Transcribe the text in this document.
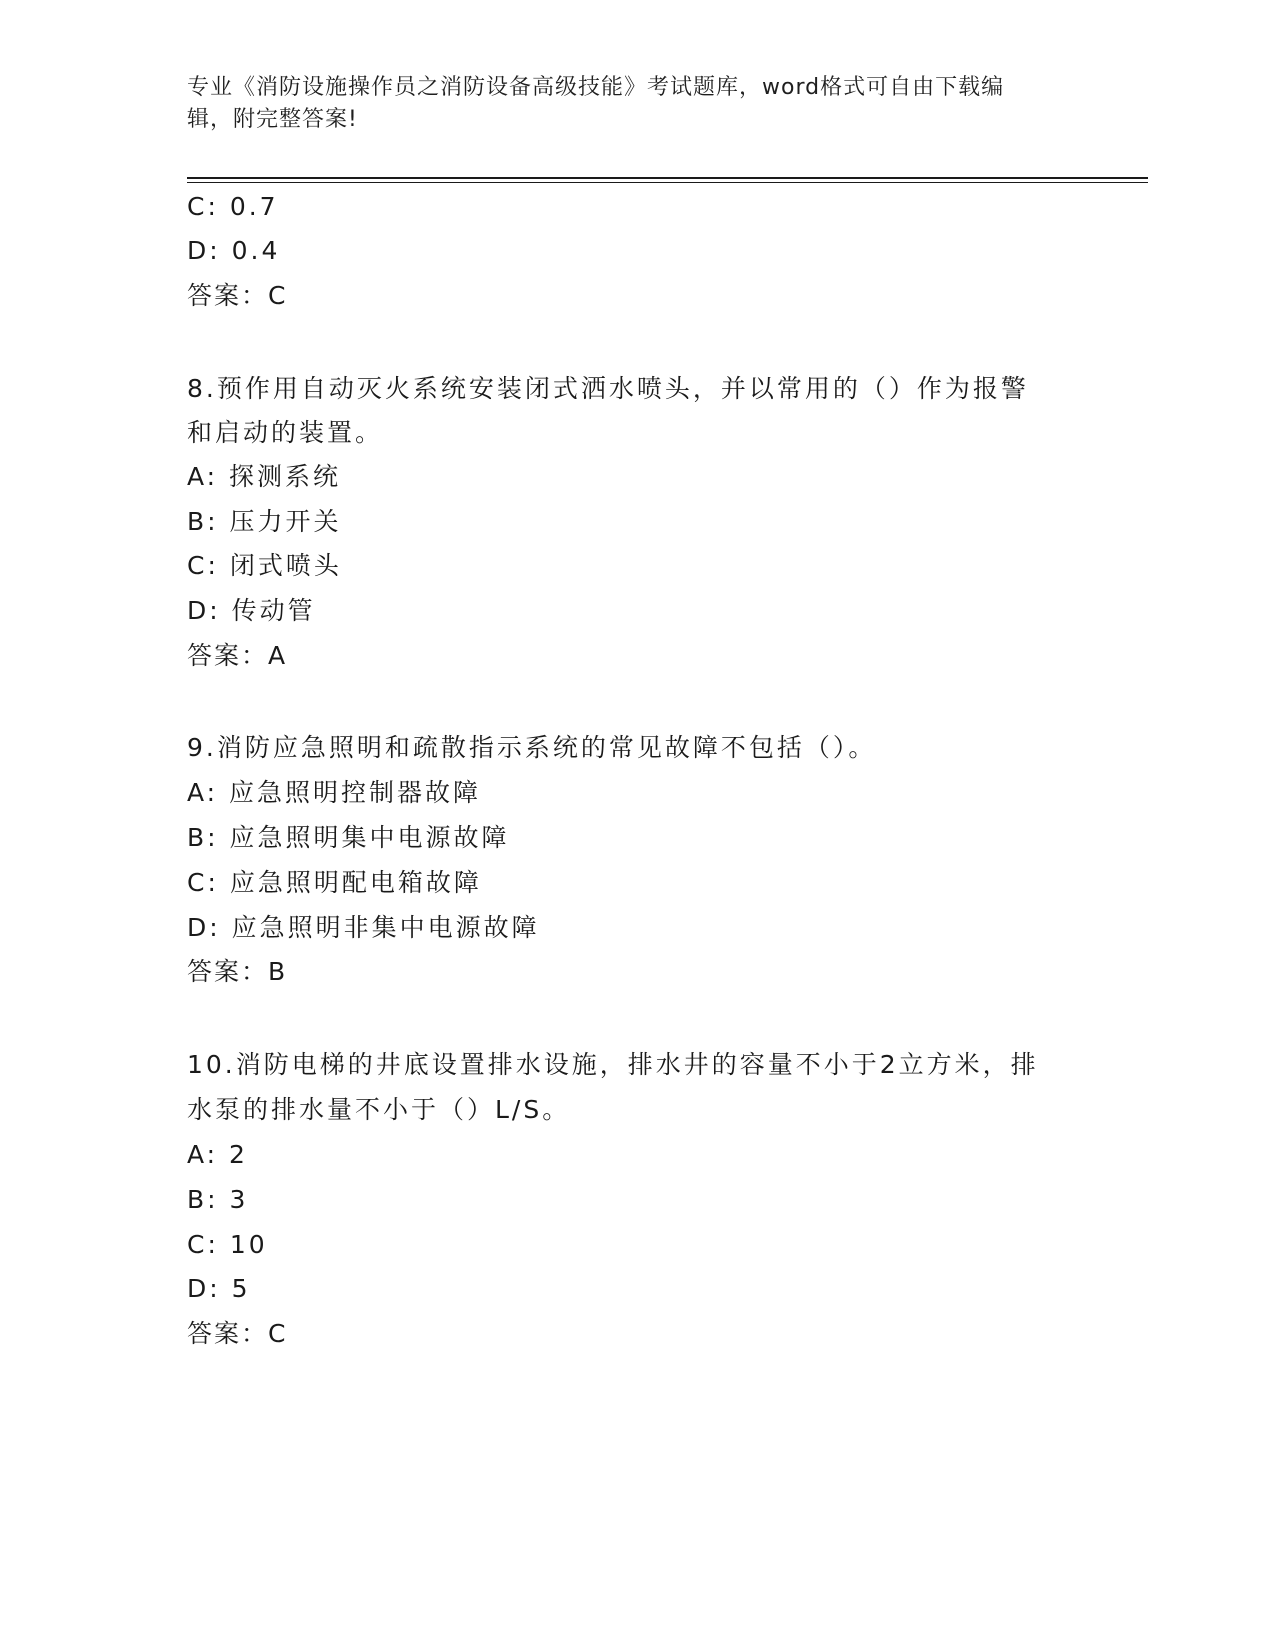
专业《消防设施操作员之消防设备高级技能》考试题库，word格式可自由下载编
辑，附完整答案!
C: 0.7
D: 0.4
答案：C
8.预作用自动灭火系统安装闭式洒水喷头，并以常用的（）作为报警
和启动的装置。
A: 探测系统
B: 压力开关
C: 闭式喷头
D: 传动管
答案：A
9.消防应急照明和疏散指示系统的常见故障不包括（）。
A: 应急照明控制器故障
B: 应急照明集中电源故障
C: 应急照明配电箱故障
D: 应急照明非集中电源故障
答案：B
10.消防电梯的井底设置排水设施，排水井的容量不小于2立方米，排
水泵的排水量不小于（）L/S。
A: 2
B: 3
C: 10
D: 5
答案：C
